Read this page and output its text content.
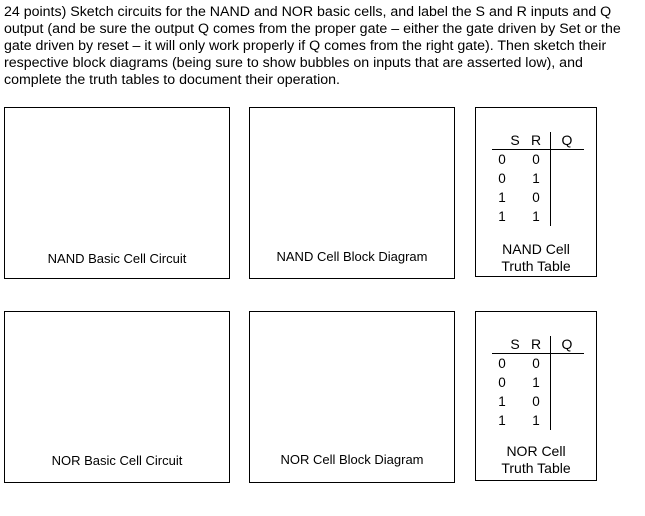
24 points) Sketch circuits for the NAND and NOR basic cells, and label the S and R inputs and Q
output (and be sure the output Q comes from the proper gate – either the gate driven by Set or the
gate driven by reset – it will only work properly if Q comes from the right gate). Then sketch their
respective block diagrams (being sure to show bubbles on inputs that are asserted low), and
complete the truth tables to document their operation.

NAND Basic Cell Circuit	NAND Cell Block Diagram
S R Q
0 0
0 1
1 0
1 1
NAND Cell
Truth Table
NOR Basic Cell Circuit	NOR Cell Block Diagram
S R Q
0 0
0 1
1 0
1 1
NOR Cell
Truth Table
